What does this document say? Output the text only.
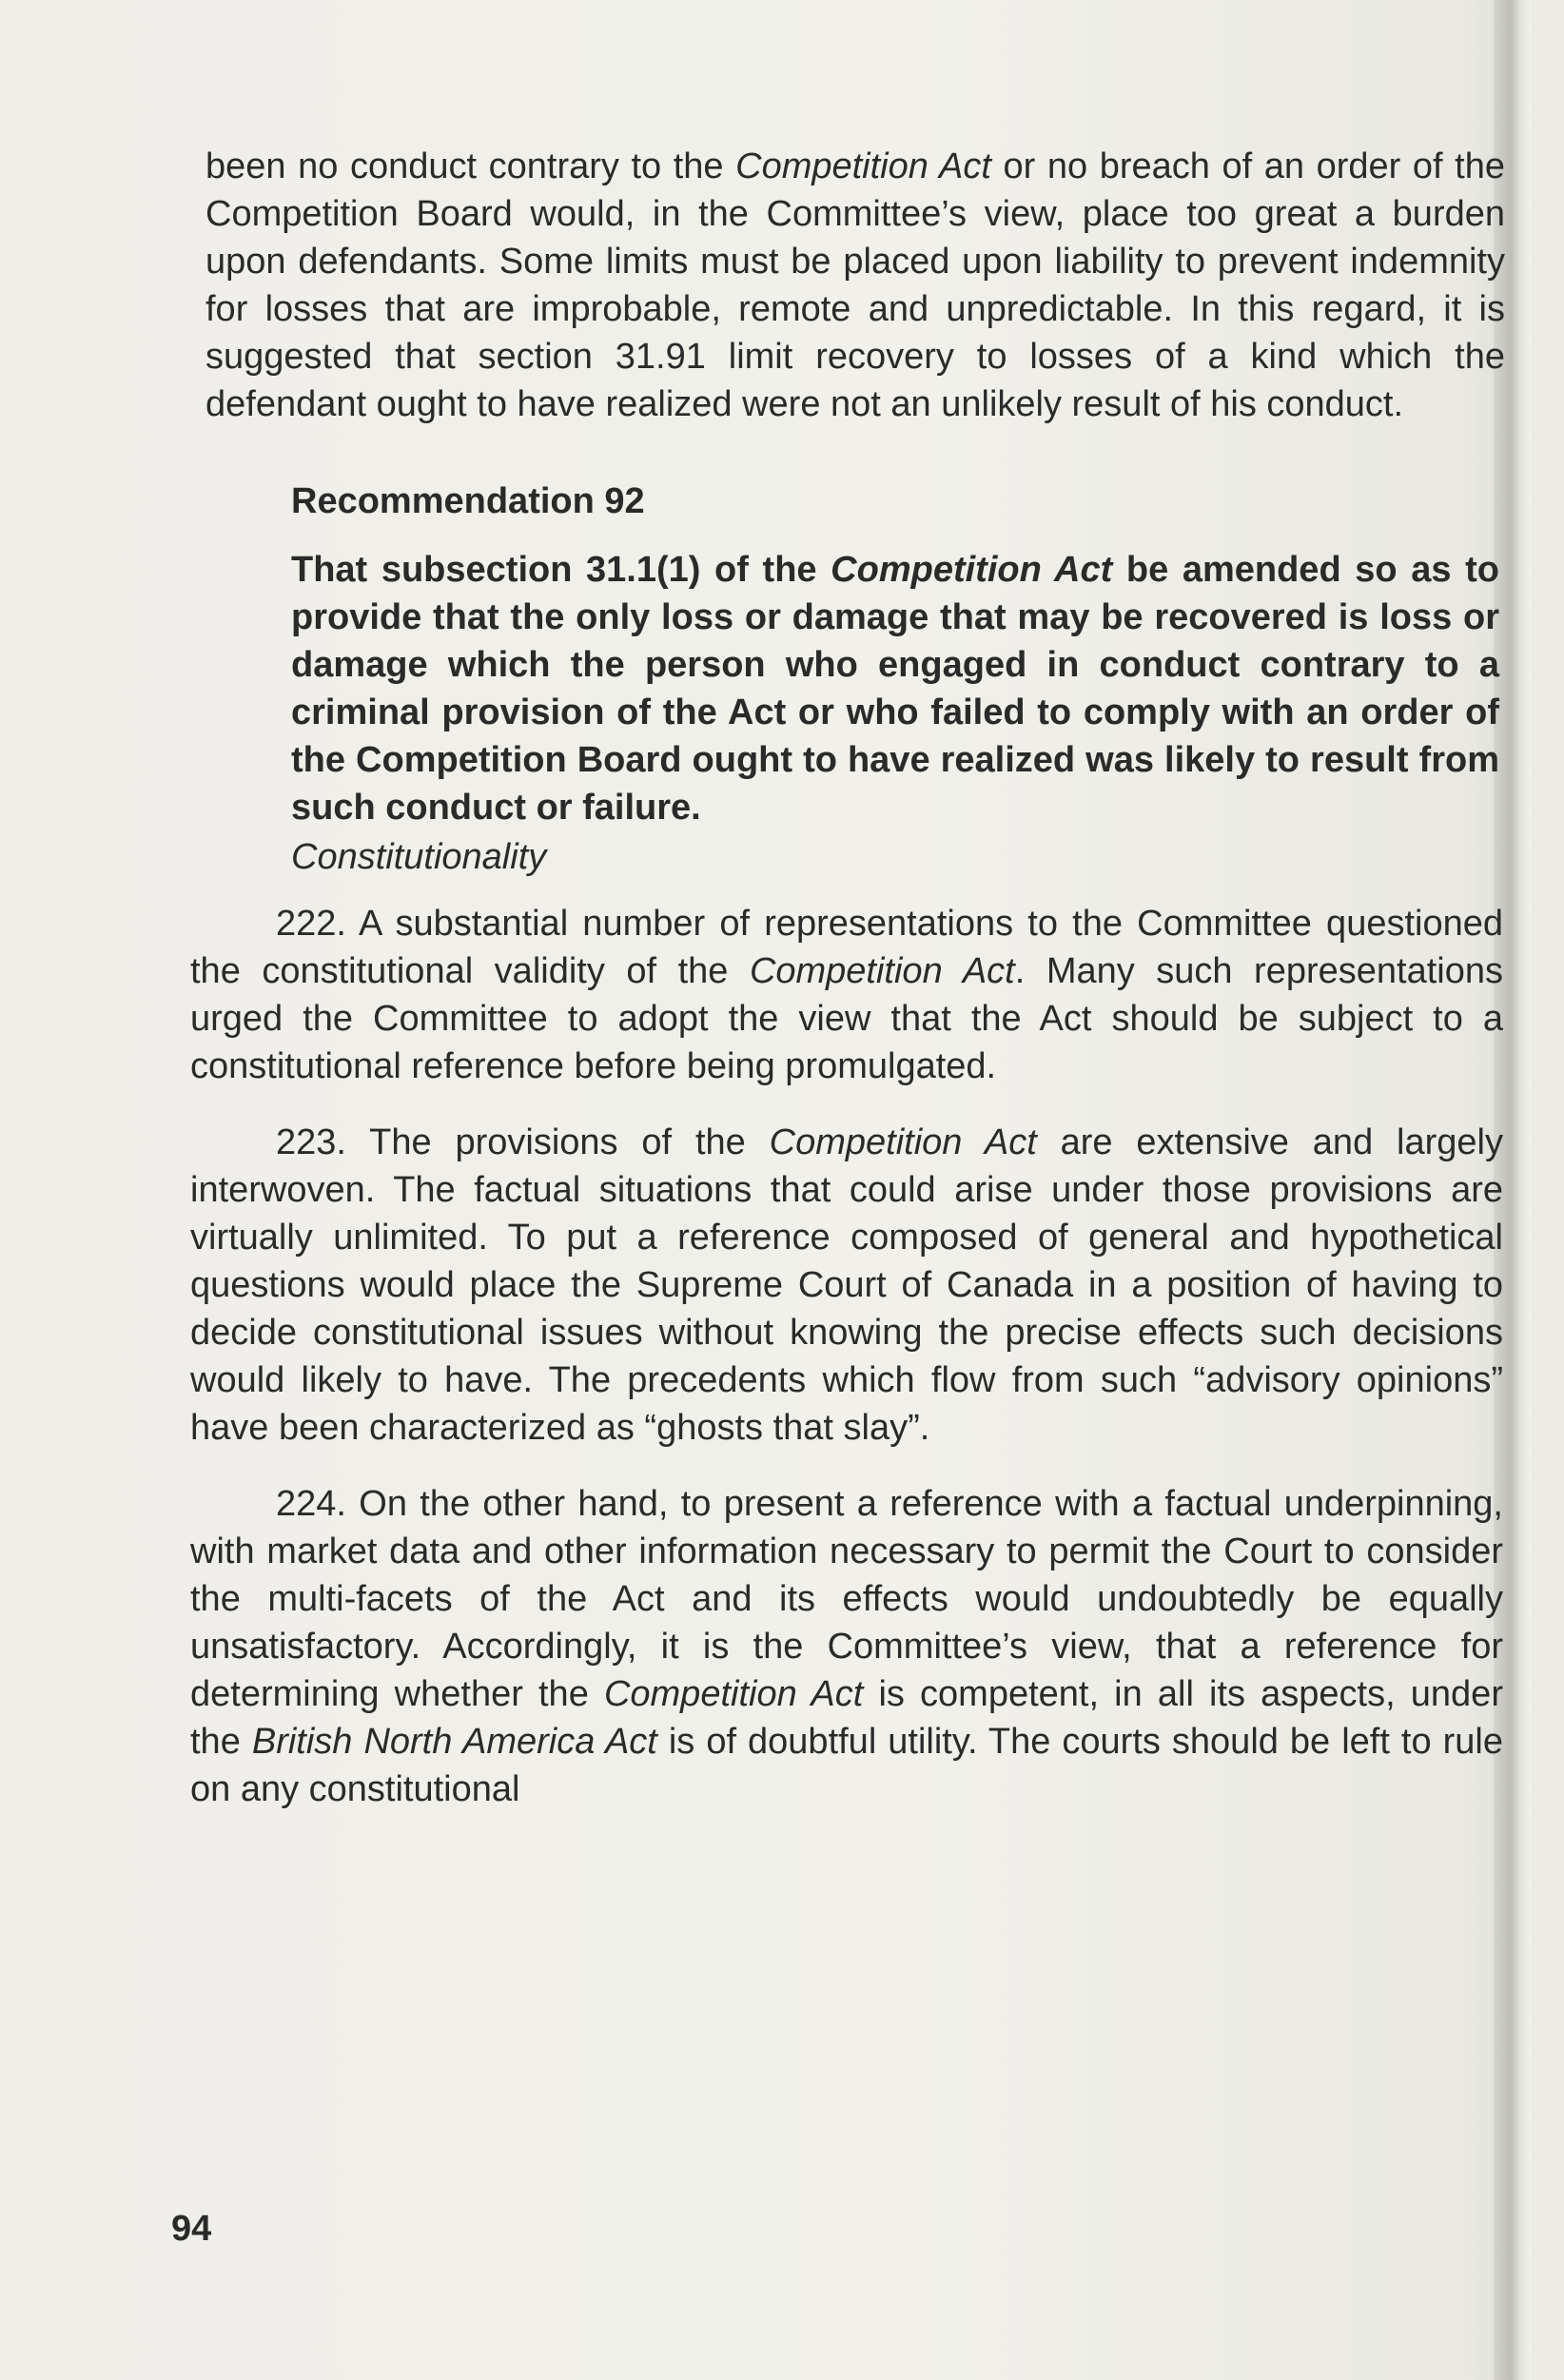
been no conduct contrary to the Competition Act or no breach of an order of the Competition Board would, in the Committee’s view, place too great a burden upon defendants. Some limits must be placed upon liability to prevent indemnity for losses that are improbable, remote and unpredictable. In this regard, it is suggested that section 31.91 limit recovery to losses of a kind which the defendant ought to have realized were not an unlikely result of his conduct.

Recommendation 92

That subsection 31.1(1) of the Competition Act be amended so as to provide that the only loss or damage that may be recovered is loss or damage which the person who engaged in conduct contrary to a criminal provision of the Act or who failed to comply with an order of the Competition Board ought to have realized was likely to result from such conduct or failure.

Constitutionality

222. A substantial number of representations to the Committee questioned the constitutional validity of the Competition Act. Many such representations urged the Committee to adopt the view that the Act should be subject to a constitutional reference before being promulgated.

223. The provisions of the Competition Act are extensive and largely interwoven. The factual situations that could arise under those provisions are virtually unlimited. To put a reference composed of general and hypothetical questions would place the Supreme Court of Canada in a position of having to decide constitutional issues without knowing the precise effects such decisions would likely to have. The precedents which flow from such “advisory opinions” have been characterized as “ghosts that slay”.

224. On the other hand, to present a reference with a factual underpinning, with market data and other information necessary to permit the Court to consider the multi-facets of the Act and its effects would undoubtedly be equally unsatisfactory. Accordingly, it is the Committee’s view, that a reference for determining whether the Competition Act is competent, in all its aspects, under the British North America Act is of doubtful utility. The courts should be left to rule on any constitutional

94
